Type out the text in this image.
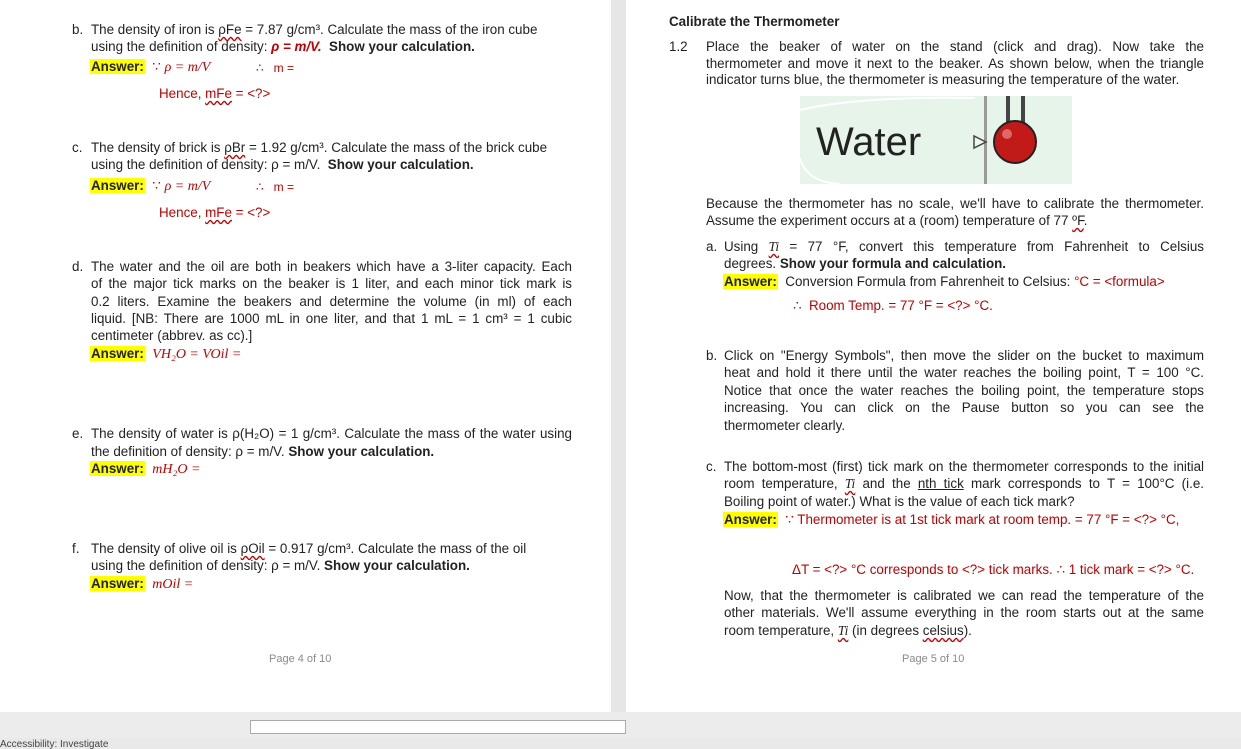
b. The density of iron is ρFe = 7.87 g/cm³. Calculate the mass of the iron cube
using the definition of density: ρ = m/V. Show your calculation.
Answer: ∵ ρ = m/V	∴ m =
Hence, mFe = <?>
c. The density of brick is ρBr = 1.92 g/cm³. Calculate the mass of the brick cube
using the definition of density: ρ = m/V. Show your calculation.
Answer: ∵ ρ = m/V	∴ m =
Hence, mFe = <?>
d. The water and the oil are both in beakers which have a 3-liter capacity. Each
of the major tick marks on the beaker is 1 liter, and each minor tick mark is
0.2 liters. Examine the beakers and determine the volume (in ml) of each
liquid. [NB: There are 1000 mL in one liter, and that 1 mL = 1 cm³ = 1 cubic
centimeter (abbrev. as cc).]
Answer: VH₂O = VOil =
e. The density of water is ρ(H₂O) = 1 g/cm³. Calculate the mass of the water using
the definition of density: ρ = m/V. Show your calculation.
Answer: mH₂O =
f. The density of olive oil is ρOil = 0.917 g/cm³. Calculate the mass of the oil
using the definition of density: ρ = m/V. Show your calculation.
Answer: mOil =
Page 4 of 10
Calibrate the Thermometer
1.2 Place the beaker of water on the stand (click and drag). Now take the
thermometer and move it next to the beaker. As shown below, when the triangle
indicator turns blue, the thermometer is measuring the temperature of the water.
Water
Because the thermometer has no scale, we'll have to calibrate the thermometer.
Assume the experiment occurs at a (room) temperature of 77 ºF.
a. Using Ti = 77 °F, convert this temperature from Fahrenheit to Celsius
degrees. Show your formula and calculation.
Answer: Conversion Formula from Fahrenheit to Celsius: °C = <formula>
∴ Room Temp. = 77 °F = <?> °C.
b. Click on "Energy Symbols", then move the slider on the bucket to maximum
heat and hold it there until the water reaches the boiling point, T = 100 °C.
Notice that once the water reaches the boiling point, the temperature stops
increasing. You can click on the Pause button so you can see the
thermometer clearly.
c. The bottom-most (first) tick mark on the thermometer corresponds to the initial
room temperature, Ti and the nth tick mark corresponds to T = 100°C (i.e.
Boiling point of water.) What is the value of each tick mark?
Answer: ∵ Thermometer is at 1st tick mark at room temp. = 77 °F = <?> °C,
ΔT = <?> °C corresponds to <?> tick marks. ∴ 1 tick mark = <?> °C.
Now, that the thermometer is calibrated we can read the temperature of the
other materials. We'll assume everything in the room starts out at the same
room temperature, Ti (in degrees celsius).
Page 5 of 10
Accessibility: Investigate
